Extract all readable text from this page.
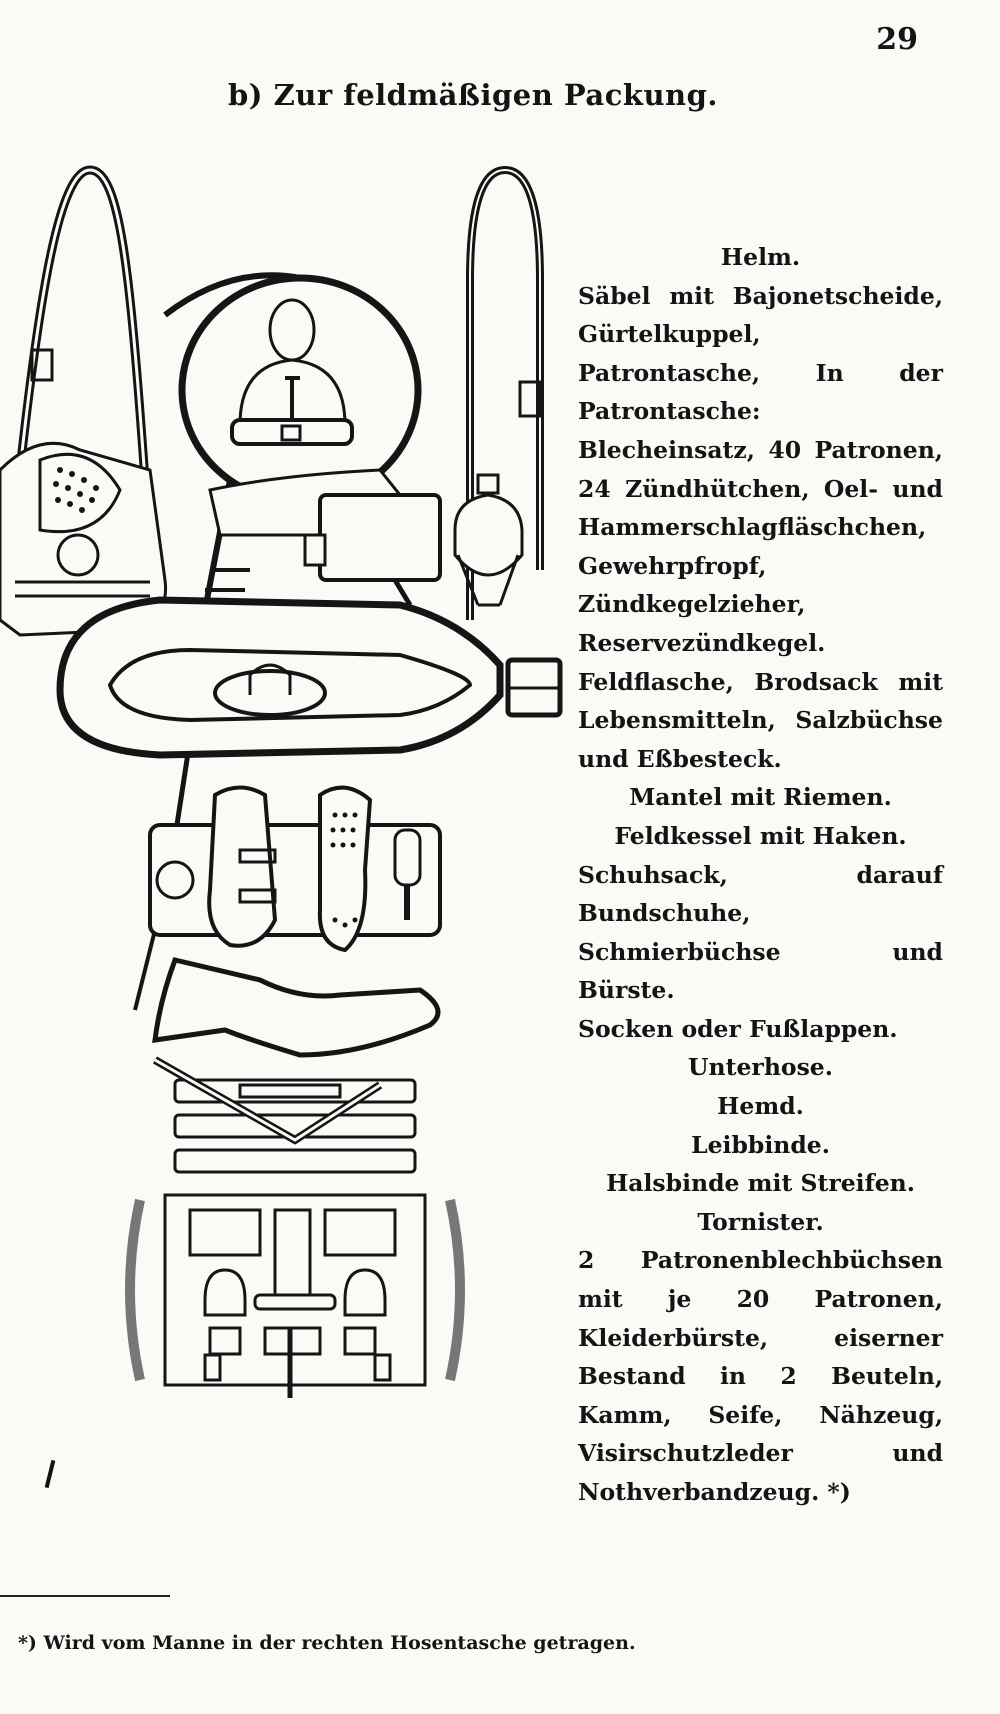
29
b) Zur feldmäßigen Packung.
Helm.
Säbel mit Bajonetscheide, Gürtelkuppel, Patrontasche, In der Patrontasche: Blecheinsatz, 40 Patronen, 24 Zündhütchen, Oel- und Hammerschlagfläschchen, Gewehrpfropf, Zündkegelzieher, Reservezündkegel.
Feldflasche, Brodsack mit Lebensmitteln, Salzbüchse und Eßbesteck.
Mantel mit Riemen.
Feldkessel mit Haken.
Schuhsack, darauf Bundschuhe, Schmierbüchse und Bürste.
Socken oder Fußlappen.
Unterhose.
Hemd.
Leibbinde.
Halsbinde mit Streifen.
Tornister.
2 Patronenblechbüchsen mit je 20 Patronen, Kleiderbürste, eiserner Bestand in 2 Beuteln, Kamm, Seife, Nähzeug, Visirschutzleder und Nothverbandzeug. *)
*) Wird vom Manne in der rechten Hosentasche getragen.
